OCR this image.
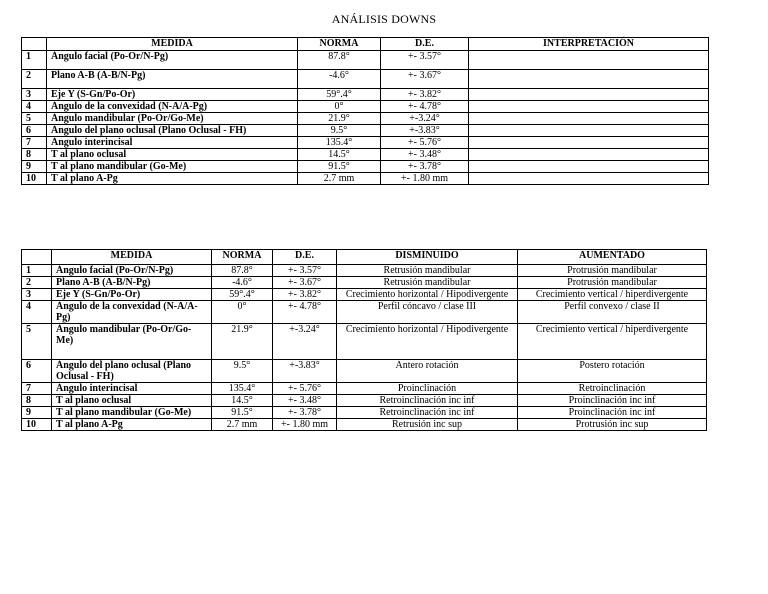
ANÁLISIS DOWNS
	MEDIDA	NORMA	D.E.	INTERPRETACIÓN
1	Ángulo facial (Po-Or/N-Pg)	87.8°	+- 3.57°	
2	Plano A-B (A-B/N-Pg)	-4.6°	+- 3.67°	
3	Eje Y (S-Gn/Po-Or)	59°.4°	+- 3.82°	
4	Ángulo de la convexidad (N-A/A-Pg)	0°	+- 4.78°	
5	Ángulo mandibular (Po-Or/Go-Me)	21.9°	+-3.24°	
6	Ángulo del plano oclusal (Plano Oclusal - FH)	9.5°	+-3.83°	
7	Ángulo interincisal	135.4°	+- 5.76°	
8	T al plano oclusal	14.5°	+- 3.48°	
9	T al plano mandibular (Go-Me)	91.5°	+- 3.78°	
10	T al plano A-Pg	2.7 mm	+- 1.80 mm	
	MEDIDA	NORMA	D.E.	DISMINUIDO	AUMENTADO
1	Ángulo facial (Po-Or/N-Pg)	87.8°	+- 3.57°	Retrusión mandibular	Protrusión mandibular
2	Plano A-B (A-B/N-Pg)	-4.6°	+- 3.67°	Retrusión mandibular	Protrusión mandibular
3	Eje Y (S-Gn/Po-Or)	59°.4°	+- 3.82°	Crecimiento horizontal / Hipodivergente	Crecimiento vertical / hiperdivergente
4	Ángulo de la convexidad (N-A/A-Pg)	0°	+- 4.78°	Perfil cóncavo / clase III	Perfil convexo / clase II
5	Ángulo mandibular (Po-Or/Go-Me)	21.9°	+-3.24°	Crecimiento horizontal / Hipodivergente	Crecimiento vertical / hiperdivergente
6	Ángulo del plano oclusal (Plano Oclusal - FH)	9.5°	+-3.83°	Antero rotación	Postero rotación
7	Ángulo interincisal	135.4°	+- 5.76°	Proinclinación	Retroinclinación
8	T al plano oclusal	14.5°	+- 3.48°	Retroinclinación inc inf	Proinclinación inc inf
9	T al plano mandibular (Go-Me)	91.5°	+- 3.78°	Retroinclinación inc inf	Proinclinación inc inf
10	T al plano A-Pg	2.7 mm	+- 1.80 mm	Retrusión inc sup	Protrusión inc sup
